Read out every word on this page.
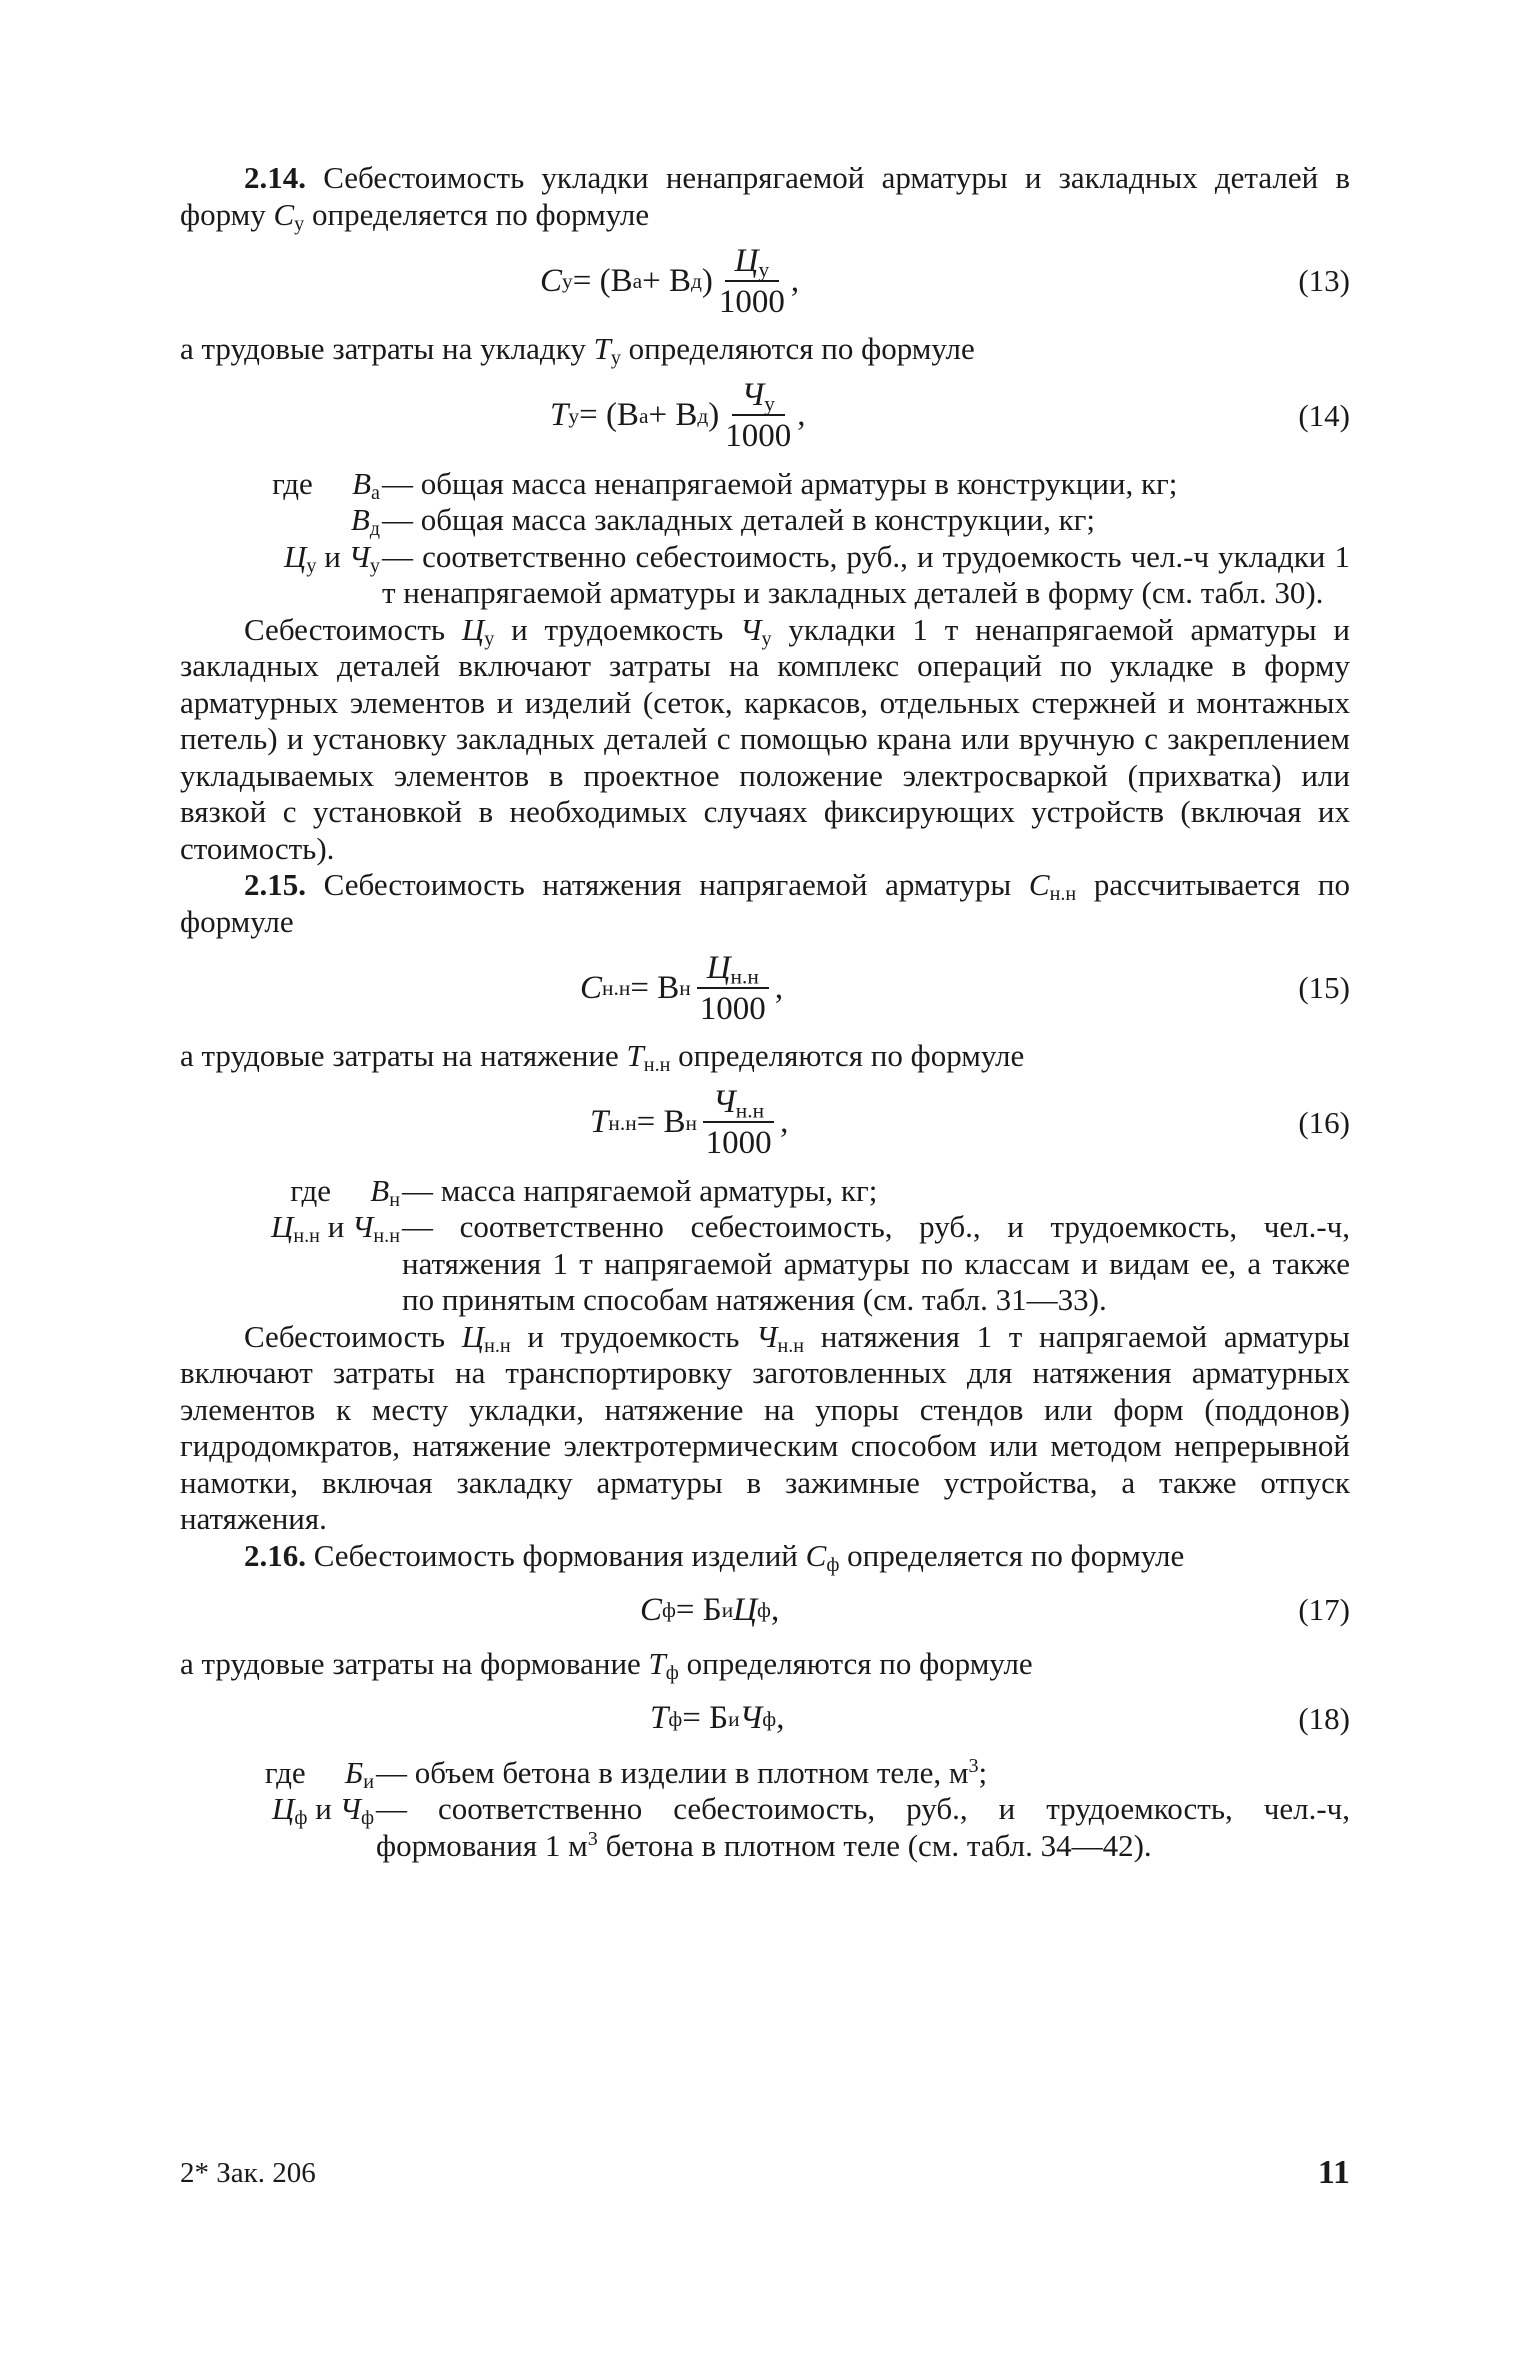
2.14. Себестоимость укладки ненапрягаемой арматуры и закладных деталей в форму $С_у$ определяется по формуле

С у = (В а + В д ) $\frac{Ц_у}{1000}$ ,	(13)

а трудовые затраты на укладку $Т_у$ определяются по формуле

Т у = (В а + В д ) $\frac{Ч_у}{1000}$ ,	(14)
где $В_а$	— общая масса ненапрягаемой арматуры в конструкции, кг;
$В_д$	— общая масса закладных деталей в конструкции, кг;
$Ц_у$ и $Ч_у$	— соответственно себестоимость, руб., и трудоемкость чел.-ч укладки 1 т ненапрягаемой арматуры и закладных деталей в форму (см. табл. 30).

Себестоимость $Ц_у$ и трудоемкость $Ч_у$ укладки 1 т ненапрягаемой арматуры и закладных деталей включают затраты на комплекс операций по укладке в форму арматурных элементов и изделий (сеток, каркасов, отдельных стержней и монтажных петель) и установку закладных деталей с помощью крана или вручную с закреплением укладываемых элементов в проектное положение электросваркой (прихватка) или вязкой с установкой в необходимых случаях фиксирующих устройств (включая их стоимость).

2.15. Себестоимость натяжения напрягаемой арматуры $С_{н.н}$ рассчитывается по формуле

С н.н = В н $\frac{Ц_{н.н}}{1000}$ ,	(15)

а трудовые затраты на натяжение $Т_{н.н}$ определяются по формуле

Т н.н = В н $\frac{Ч_{н.н}}{1000}$ ,	(16)
где $В_н$	— масса напрягаемой арматуры, кг;
$Ц_{н.н}$ и $Ч_{н.н}$	— соответственно себестоимость, руб., и трудоемкость, чел.-ч, натяжения 1 т напрягаемой арматуры по классам и видам ее, а также по принятым способам натяжения (см. табл. 31—33).

Себестоимость $Ц_{н.н}$ и трудоемкость $Ч_{н.н}$ натяжения 1 т напрягаемой арматуры включают затраты на транспортировку заготовленных для натяжения арматурных элементов к месту укладки, натяжение на упоры стендов или форм (поддонов) гидродомкратов, натяжение электротермическим способом или методом непрерывной намотки, включая закладку арматуры в зажимные устройства, а также отпуск натяжения.

2.16. Себестоимость формования изделий $С_ф$ определяется по формуле

С ф = Б и Ц ф ,	(17)

а трудовые затраты на формование $Т_ф$ определяются по формуле

Т ф = Б и Ч ф ,	(18)
где $Б_и$	— объем бетона в изделии в плотном теле, $м^3$;
$Ц_ф$ и $Ч_ф$	— соответственно себестоимость, руб., и трудоемкость, чел.-ч, формования 1 $м^3$ бетона в плотном теле (см. табл. 34—42).
2* Зак. 206	11
